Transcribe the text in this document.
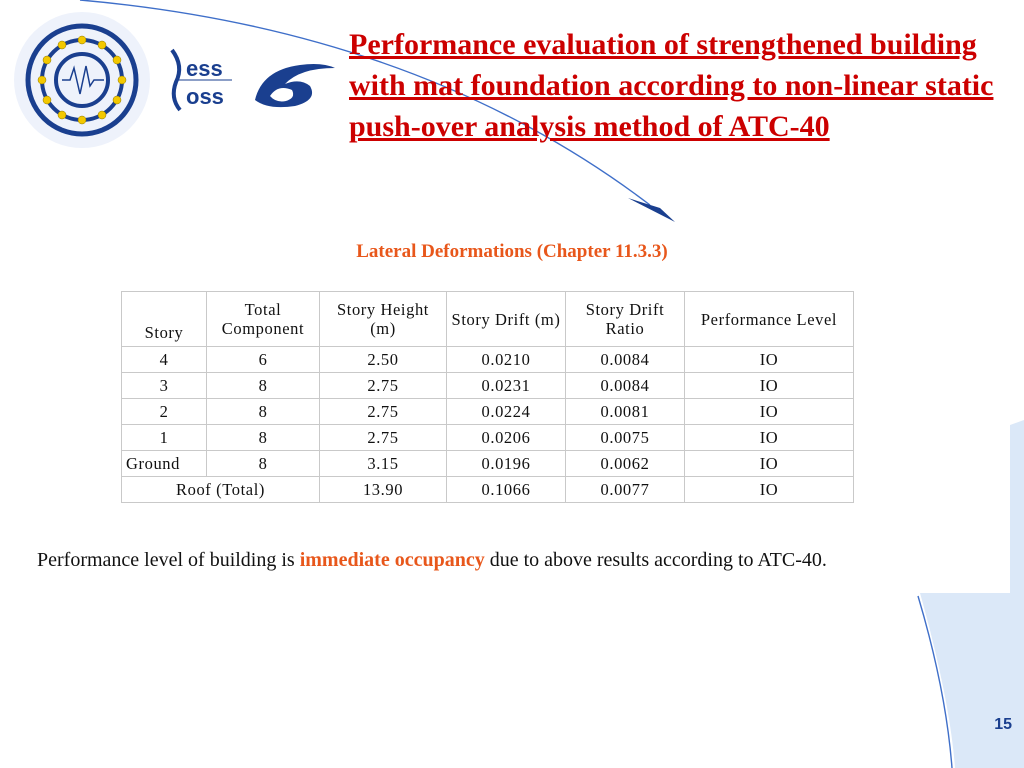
ess
oss
Performance evaluation of strengthened building with mat foundation according to non-linear static push-over analysis method of ATC-40
Lateral Deformations (Chapter 11.3.3)
Story	Total Component	Story Height (m)	Story Drift (m)	Story Drift Ratio	Performance Level
4	6	2.50	0.0210	0.0084	IO
3	8	2.75	0.0231	0.0084	IO
2	8	2.75	0.0224	0.0081	IO
1	8	2.75	0.0206	0.0075	IO
Ground	8	3.15	0.0196	0.0062	IO
Roof (Total)		13.90	0.1066	0.0077	IO
Performance level of building is immediate occupancy due to above results according to ATC-40.
15
